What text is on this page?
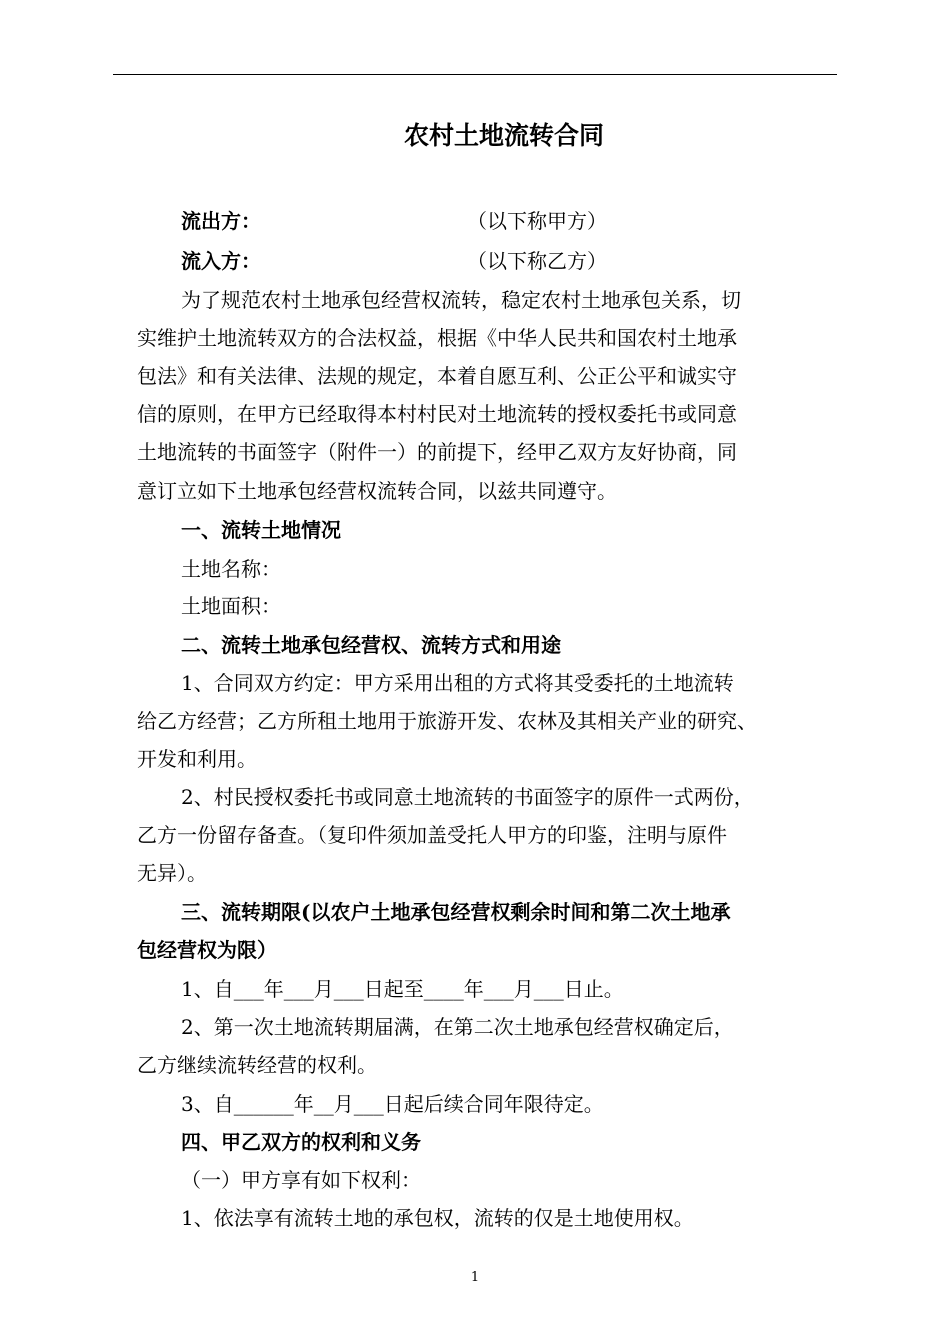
农村土地流转合同
流出方：	（以下称甲方）
流入方：	（以下称乙方）
为了规范农村土地承包经营权流转，稳定农村土地承包关系，切
实维护土地流转双方的合法权益，根据《中华人民共和国农村土地承
包法》和有关法律、法规的规定，本着自愿互利、公正公平和诚实守
信的原则，在甲方已经取得本村村民对土地流转的授权委托书或同意
土地流转的书面签字（附件一）的前提下，经甲乙双方友好协商，同
意订立如下土地承包经营权流转合同，以兹共同遵守。
一、流转土地情况
土地名称：
土地面积：
二、流转土地承包经营权、流转方式和用途
1、合同双方约定：甲方采用出租的方式将其受委托的土地流转
给乙方经营；乙方所租土地用于旅游开发、农林及其相关产业的研究、
开发和利用。
2、村民授权委托书或同意土地流转的书面签字的原件一式两份，
乙方一份留存备查。（复印件须加盖受托人甲方的印鉴，注明与原件
无异）。
三、流转期限(以农户土地承包经营权剩余时间和第二次土地承
包经营权为限）
1、自___年___月___日起至____年___月___日止。
2、第一次土地流转期届满，在第二次土地承包经营权确定后，
乙方继续流转经营的权利。
3、自______年__月___日起后续合同年限待定。
四、甲乙双方的权利和义务
（一）甲方享有如下权利：
1、依法享有流转土地的承包权，流转的仅是土地使用权。
1
